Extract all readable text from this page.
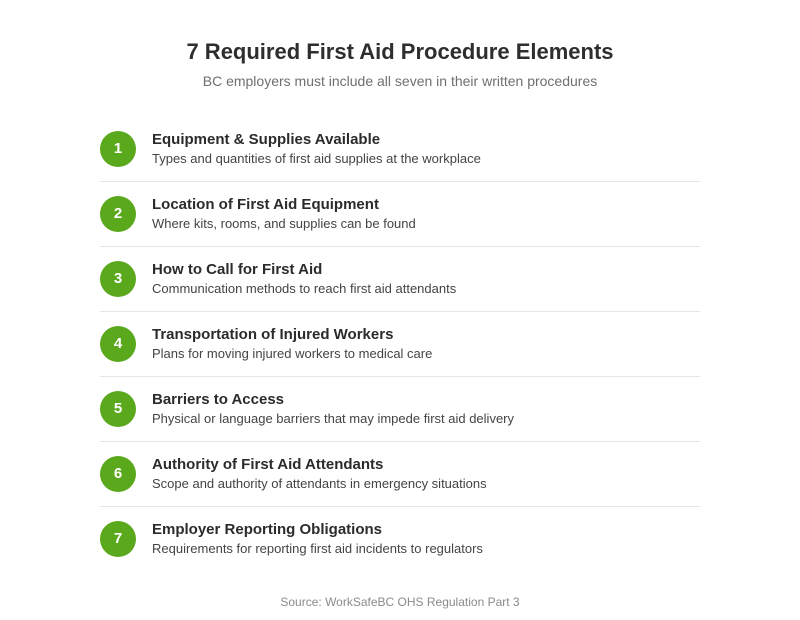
7 Required First Aid Procedure Elements
BC employers must include all seven in their written procedures
1
Equipment & Supplies Available
Types and quantities of first aid supplies at the workplace
2
Location of First Aid Equipment
Where kits, rooms, and supplies can be found
3
How to Call for First Aid
Communication methods to reach first aid attendants
4
Transportation of Injured Workers
Plans for moving injured workers to medical care
5
Barriers to Access
Physical or language barriers that may impede first aid delivery
6
Authority of First Aid Attendants
Scope and authority of attendants in emergency situations
7
Employer Reporting Obligations
Requirements for reporting first aid incidents to regulators
Source: WorkSafeBC OHS Regulation Part 3
